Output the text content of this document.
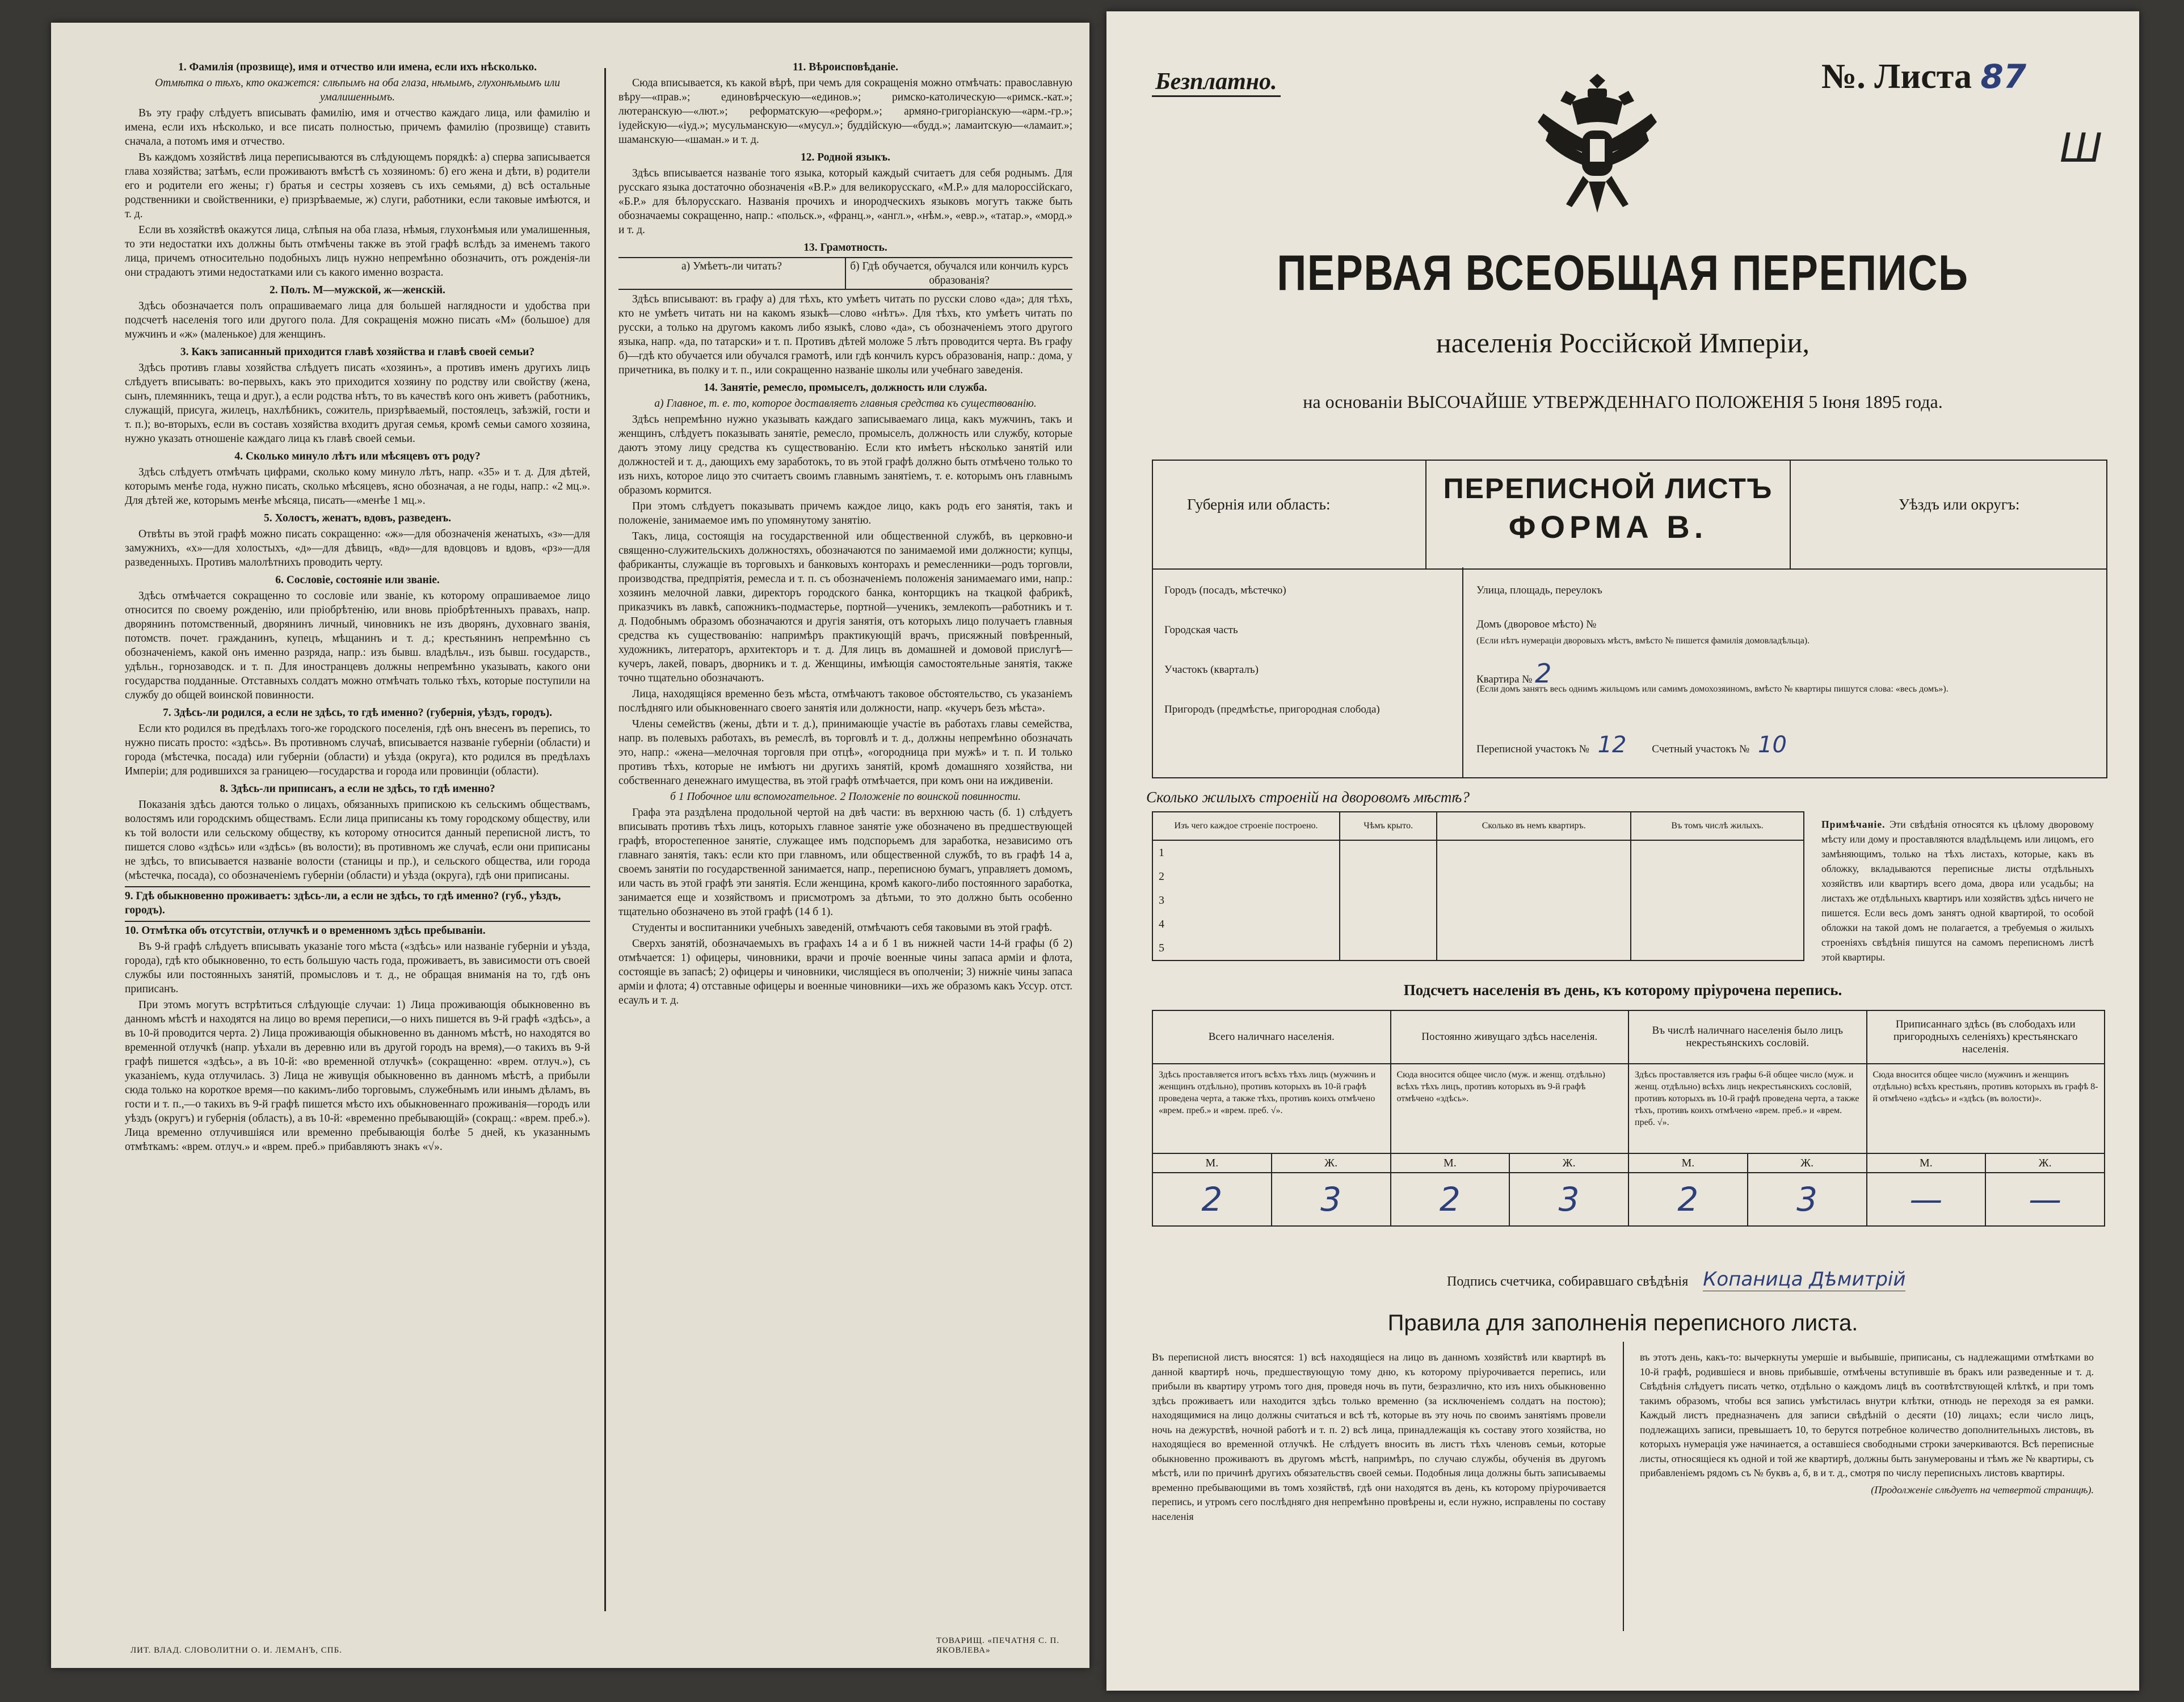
1. Фамилія (прозвище), имя и отчество или имена, если ихъ нѣсколько.

Отмѣтка о тѣхъ, кто окажется: слѣпымъ на оба глаза, нѣмымъ, глухонѣмымъ или умалишеннымъ.

Въ эту графу слѣдуетъ вписывать фамилію, имя и отчество каждаго лица, или фамилію и имена, если ихъ нѣсколько, и все писать полностью, причемъ фамилію (прозвище) ставить сначала, а потомъ имя и отчество.

Въ каждомъ хозяйствѣ лица переписываются въ слѣдующемъ порядкѣ: a) сперва записывается глава хозяйства; затѣмъ, если проживаютъ вмѣстѣ съ хозяиномъ: б) его жена и дѣти, в) родители его и родители его жены; г) братья и сестры хозяевъ съ ихъ семьями, д) всѣ остальные родственники и свойственники, е) призрѣваемые, ж) слуги, работники, если таковые имѣются, и т. д.

Если въ хозяйствѣ окажутся лица, слѣпыя на оба глаза, нѣмыя, глухонѣмыя или умалишенныя, то эти недостатки ихъ должны быть отмѣчены также въ этой графѣ вслѣдъ за именемъ такого лица, причемъ относительно подобныхъ лицъ нужно непремѣнно обозначить, отъ рожденія-ли они страдаютъ этими недостатками или съ какого именно возраста.

2. Полъ. М—мужской, ж—женскій.

Здѣсь обозначается полъ опрашиваемаго лица для большей наглядности и удобства при подсчетѣ населенія того или другого пола. Для сокращенія можно писать «М» (большое) для мужчинъ и «ж» (маленькое) для женщинъ.

3. Какъ записанный приходится главѣ хозяйства и главѣ своей семьи?

Здѣсь противъ главы хозяйства слѣдуетъ писать «хозяинъ», а противъ именъ другихъ лицъ слѣдуетъ вписывать: во-первыхъ, какъ это приходится хозяину по родству или свойству (жена, сынъ, племянникъ, теща и друг.), а если родства нѣтъ, то въ качествѣ кого онъ живетъ (работникъ, служащій, присуга, жилецъ, нахлѣбникъ, сожитель, призрѣваемый, постоялецъ, заѣзжій, гости и т. п.); во-вторыхъ, если въ составъ хозяйства входитъ другая семья, кромѣ семьи самого хозяина, нужно указать отношеніе каждаго лица къ главѣ своей семьи.

4. Сколько минуло лѣтъ или мѣсяцевъ отъ роду?

Здѣсь слѣдуетъ отмѣчать цифрами, сколько кому минуло лѣтъ, напр. «35» и т. д. Для дѣтей, которымъ менѣе года, нужно писать, сколько мѣсяцевъ, ясно обозначая, а не годы, напр.: «2 мц.». Для дѣтей же, которымъ менѣе мѣсяца, писать—«менѣе 1 мц.».

5. Холостъ, женатъ, вдовъ, разведенъ.

Отвѣты въ этой графѣ можно писать сокращенно: «ж»—для обозначенія женатыхъ, «з»—для замужнихъ, «х»—для холостыхъ, «д»—для дѣвицъ, «вд»—для вдовцовъ и вдовъ, «рз»—для разведенныхъ. Противъ малолѣтнихъ проводить черту.

6. Сословіе, состояніе или званіе.

Здѣсь отмѣчается сокращенно то сословіе или званіе, къ которому опрашиваемое лицо относится по своему рожденію, или пріобрѣтенію, или вновь пріобрѣтенныхъ правахъ, напр. дворянинъ потомственный, дворянинъ личный, чиновникъ не изъ дворянъ, духовнаго званія, потомств. почет. гражданинъ, купецъ, мѣщанинъ и т. д.; крестьянинъ непремѣнно съ обозначеніемъ, какой онъ именно разряда, напр.: изъ бывш. владѣльч., изъ бывш. государств., удѣльн., горнозаводск. и т. п. Для иностранцевъ должны непремѣнно указывать, какого они государства подданные. Отставныхъ солдатъ можно отмѣчать только тѣхъ, которые поступили на службу до общей воинской повинности.

7. Здѣсь-ли родился, а если не здѣсь, то гдѣ именно? (губернія, уѣздъ, городъ).

Если кто родился въ предѣлахъ того-же городского поселенія, гдѣ онъ внесенъ въ перепись, то нужно писать просто: «здѣсь». Въ противномъ случаѣ, вписывается названіе губерніи (области) и города (мѣстечка, посада) или губерніи (области) и уѣзда (округа), кто родился въ предѣлахъ Имперіи; для родившихся за границею—государства и города или провинціи (области).

8. Здѣсь-ли приписанъ, а если не здѣсь, то гдѣ именно?

Показанія здѣсь даются только о лицахъ, обязанныхъ припискою къ сельскимъ обществамъ, волостямъ или городскимъ обществамъ. Если лица приписаны къ тому городскому обществу, или къ той волости или сельскому обществу, къ которому относится данный переписной листъ, то пишется слово «здѣсь» или «здѣсь» (въ волости); въ противномъ же случаѣ, если они приписаны не здѣсь, то вписывается названіе волости (станицы и пр.), и сельского общества, или города (мѣстечка, посада), со обозначеніемъ губерніи (области) и уѣзда (округа), гдѣ они приписаны.

9. Гдѣ обыкновенно проживаетъ: здѣсь-ли, а если не здѣсь, то гдѣ именно? (губ., уѣздъ, городъ).

10. Отмѣтка объ отсутствіи, отлучкѣ и о временномъ здѣсь пребываніи.

Въ 9-й графѣ слѣдуетъ вписывать указаніе того мѣста («здѣсь» или названіе губерніи и уѣзда, города), гдѣ кто обыкновенно, то есть большую часть года, проживаетъ, въ зависимости отъ своей службы или постоянныхъ занятій, промысловъ и т. д., не обращая вниманія на то, гдѣ онъ приписанъ.

При этомъ могутъ встрѣтиться слѣдующіе случаи: 1) Лица проживающія обыкновенно въ данномъ мѣстѣ и находятся на лицо во время переписи,—о нихъ пишется въ 9-й графѣ «здѣсь», а въ 10-й проводится черта. 2) Лица проживающія обыкновенно въ данномъ мѣстѣ, но находятся во временной отлучкѣ (напр. уѣхали въ деревню или въ другой городъ на время),—о такихъ въ 9-й графѣ пишется «здѣсь», а въ 10-й: «во временной отлучкѣ» (сокращенно: «врем. отлуч.»), съ указаніемъ, куда отлучилась. 3) Лица не живущія обыкновенно въ данномъ мѣстѣ, а прибыли сюда только на короткое время—по какимъ-либо торговымъ, служебнымъ или инымъ дѣламъ, въ гости и т. п.,—о такихъ въ 9-й графѣ пишется мѣсто ихъ обыкновеннаго проживанія—городъ или уѣздъ (округъ) и губернія (область), а въ 10-й: «временно пребывающій» (сокращ.: «врем. преб.»). Лица временно отлучившіяся или временно пребывающія болѣе 5 дней, къ указаннымъ отмѣткамъ: «врем. отлуч.» и «врем. преб.» прибавляютъ знакъ «√».

11. Вѣроисповѣданіе.

Сюда вписывается, къ какой вѣрѣ, при чемъ для сокращенія можно отмѣчать: православную вѣру—«прав.»; единовѣрческую—«единов.»; римско-католическую—«римск.-кат.»; лютеранскую—«лют.»; реформатскую—«реформ.»; армяно-григоріанскую—«арм.-гр.»; іудейскую—«іуд.»; мусульманскую—«мусул.»; буддійскую—«будд.»; ламаитскую—«ламаит.»; шаманскую—«шаман.» и т. д.

12. Родной языкъ.

Здѣсь вписывается названіе того языка, который каждый считаетъ для себя роднымъ. Для русскаго языка достаточно обозначенія «В.Р.» для великорусскаго, «М.Р.» для малороссійскаго, «Б.Р.» для бѣлорусскаго. Названія прочихъ и инородческихъ языковъ могутъ также быть обозначаемы сокращенно, напр.: «польск.», «франц.», «англ.», «нѣм.», «евр.», «татар.», «морд.» и т. д.

13. Грамотность.

а) Умѣетъ-ли читать?	б) Гдѣ обучается, обучался или кончилъ курсъ образованія?

Здѣсь вписывают: въ графу а) для тѣхъ, кто умѣетъ читать по русски слово «да»; для тѣхъ, кто не умѣетъ читать ни на какомъ языкѣ—слово «нѣтъ». Для тѣхъ, кто умѣетъ читать по русски, а только на другомъ какомъ либо языкѣ, слово «да», съ обозначеніемъ этого другого языка, напр. «да, по татарски» и т. п. Противъ дѣтей моложе 5 лѣтъ проводится черта. Въ графу б)—гдѣ кто обучается или обучался грамотѣ, или гдѣ кончилъ курсъ образованія, напр.: дома, у причетника, въ полку и т. п., или сокращенно названіе школы или учебнаго заведенія.

14. Занятіе, ремесло, промыселъ, должность или служба.

а) Главное, т. е. то, которое доставляетъ главныя средства къ существованію.

Здѣсь непремѣнно нужно указывать каждаго записываемаго лица, какъ мужчинъ, такъ и женщинъ, слѣдуетъ показывать занятіе, ремесло, промыселъ, должность или службу, которые даютъ этому лицу средства къ существованію. Если кто имѣетъ нѣсколько занятій или должностей и т. д., дающихъ ему заработокъ, то въ этой графѣ должно быть отмѣчено только то изъ нихъ, которое лицо это считаетъ своимъ главнымъ занятіемъ, т. е. которымъ онъ главнымъ образомъ кормится.

При этомъ слѣдуетъ показывать причемъ каждое лицо, какъ родъ его занятія, такъ и положеніе, занимаемое имъ по упомянутому занятію.

Такъ, лица, состоящія на государственной или общественной службѣ, въ церковно-и священно-служительскихъ должностяхъ, обозначаются по занимаемой ими должности; купцы, фабриканты, служащіе въ торговыхъ и банковыхъ конторахъ и ремесленники—родъ торговли, производства, предпріятія, ремесла и т. п. съ обозначеніемъ положенія занимаемаго ими, напр.: хозяинъ мелочной лавки, директоръ городского банка, конторщикъ на ткацкой фабрикѣ, приказчикъ въ лавкѣ, сапожникъ-подмастерье, портной—ученикъ, землекопъ—работникъ и т. д. Подобнымъ образомъ обозначаются и другія занятія, отъ которыхъ лицо получаетъ главныя средства къ существованію: напримѣръ практикующій врачъ, присяжный повѣренный, художникъ, литераторъ, архитекторъ и т. д. Для лицъ въ домашней и домовой прислугѣ—кучеръ, лакей, поваръ, дворникъ и т. д. Женщины, имѣющія самостоятельные занятія, также точно тщательно обозначаютъ.

Лица, находящіяся временно безъ мѣста, отмѣчаютъ таковое обстоятельство, съ указаніемъ послѣдняго или обыкновеннаго своего занятія или должности, напр. «кучеръ безъ мѣста».

Члены семействъ (жены, дѣти и т. д.), принимающіе участіе въ работахъ главы семейства, напр. въ полевыхъ работахъ, въ ремеслѣ, въ торговлѣ и т. д., должны непремѣнно обозначать это, напр.: «жена—мелочная торговля при отцѣ», «огородница при мужѣ» и т. п. И только противъ тѣхъ, которые не имѣютъ ни другихъ занятій, кромѣ домашняго хозяйства, ни собственнаго денежнаго имущества, въ этой графѣ отмѣчается, при комъ они на иждивеніи.

б 1 Побочное или вспомогательное. 2 Положеніе по воинской повинности.

Графа эта раздѣлена продольной чертой на двѣ части: въ верхнюю часть (б. 1) слѣдуетъ вписывать противъ тѣхъ лицъ, которыхъ главное занятіе уже обозначено въ предшествующей графѣ, второстепенное занятіе, служащее имъ подспорьемъ для заработка, независимо отъ главнаго занятія, такъ: если кто при главномъ, или общественной службѣ, то въ графѣ 14 а, своемъ занятіи по государственной занимается, напр., переписною бумагъ, управляетъ домомъ, или часть въ этой графѣ эти занятія. Если женщина, кромѣ какого-либо постоянного заработка, занимается еще и хозяйствомъ и присмотромъ за дѣтьми, то это должно быть особенно тщательно обозначено въ этой графѣ (14 б 1).

Студенты и воспитанники учебныхъ заведеній, отмѣчаютъ себя таковыми въ этой графѣ.

Сверхъ занятій, обозначаемыхъ въ графахъ 14 а и б 1 въ нижней части 14-й графы (б 2) отмѣчается: 1) офицеры, чиновники, врачи и прочіе военные чины запаса арміи и флота, состоящіе въ запасѣ; 2) офицеры и чиновники, числящіеся въ ополченіи; 3) нижніе чины запаса арміи и флота; 4) отставные офицеры и военные чиновники—ихъ же образомъ какъ Уссур. отст. есаулъ и т. д.

ЛИТ. ВЛАД. СЛОВОЛИТНИ О. И. ЛЕМАНЪ, СПБ.
ТОВАРИЩ. «ПЕЧАТНЯ С. П. ЯКОВЛЕВА»
Безплатно.	№. Листа 87
Ш
ПЕРВАЯ ВСЕОБЩАЯ ПЕРЕПИСЬ
населенія Россійской Имперіи,
на основаніи ВЫСОЧАЙШЕ УТВЕРЖДЕННАГО ПОЛОЖЕНІЯ 5 Іюня 1895 года.
Губернія или область:	ПЕРЕПИСНОЙ ЛИСТЪ
ФОРМА В.
Уѣздъ или округъ:
Городъ (посадъ, мѣстечко)
Городская часть
Участокъ (кварталъ)
Пригородъ (предмѣстье, пригородная слобода)
Улица, площадь, переулокъ
Домъ (дворовое мѣсто) №
(Если нѣтъ нумераціи дворовыхъ мѣстъ, вмѣсто № пишется фамилія домовладѣльца).
Квартира № 2
(Если домъ занятъ весь однимъ жильцомъ или самимъ домохозяиномъ, вмѣсто № квартиры пишутся слова: «весь домъ»).
Переписной участокъ № 12 Счетный участокъ № 10
Сколько жилыхъ строеній на дворовомъ мѣстѣ?
Изъ чего каждое строеніе построено.	Чѣмъ крыто.	Сколько въ немъ квартиръ.	Въ томъ числѣ жилыхъ.
1			
2			
3			
4			
5			
Примѣчаніе. Эти свѣдѣнія относятся къ цѣлому дворовому мѣсту или дому и проставляются владѣльцемъ или лицомъ, его замѣняющимъ, только на тѣхъ листахъ, которые, какъ въ обложку, вкладываются переписные листы отдѣльныхъ хозяйствъ или квартиръ всего дома, двора или усадьбы; на листахъ же отдѣльныхъ квартиръ или хозяйствъ здѣсь ничего не пишется. Если весь домъ занятъ одной квартирой, то особой обложки на такой домъ не полагается, а требуемыя о жилыхъ строеніяхъ свѣдѣнія пишутся на самомъ переписномъ листѣ этой квартиры.
Подсчетъ населенія въ день, къ которому пріурочена перепись.
Всего наличнаго населенія.		Постоянно живущаго здѣсь населенія.		Въ числѣ наличнаго населенія было лицъ некрестьянскихъ сословій.		Приписаннаго здѣсь (въ слободахъ или пригородныхъ селеніяхъ) крестьянскаго населенія.	
Здѣсь проставляется итогъ всѣхъ тѣхъ лицъ (мужчинъ и женщинъ отдѣльно), противъ которыхъ въ 10-й графѣ проведена черта, а также тѣхъ, противъ коихъ отмѣчено «врем. преб.» и «врем. преб. √».		Сюда вносится общее число (муж. и женщ. отдѣльно) всѣхъ тѣхъ лицъ, противъ которыхъ въ 9-й графѣ отмѣчено «здѣсь».		Здѣсь проставляется изъ графы 6-й общее число (муж. и женщ. отдѣльно) всѣхъ лицъ некрестьянскихъ сословій, противъ которыхъ въ 10-й графѣ проведена черта, а также тѣхъ, противъ коихъ отмѣчено «врем. преб.» и «врем. преб. √».		Сюда вносится общее число (мужчинъ и женщинъ отдѣльно) всѣхъ крестьянъ, противъ которыхъ въ графѣ 8-й отмѣчено «здѣсь» и «здѣсь (въ волости)».	
М.	Ж.	М.	Ж.	М.	Ж.	М.	Ж.
2	3	2	3	2	3	—	—
Подпись счетчика, собиравшаго свѣдѣнія Копаница Дѣмитрій
Правила для заполненія переписного листа.
Въ переписной листъ вносятся: 1) всѣ находящіеся на лицо въ данномъ хозяйствѣ или квартирѣ въ данной квартирѣ ночь, предшествующую тому дню, къ которому пріурочивается перепись, или прибыли въ квартиру утромъ того дня, проведя ночь въ пути, безразлично, кто изъ нихъ обыкновенно здѣсь проживаетъ или находится здѣсь только временно (за исключеніемъ солдатъ на постою); находящимися на лицо должны считаться и всѣ тѣ, которые въ эту ночь по своимъ занятіямъ провели ночь на дежурствѣ, ночной работѣ и т. п. 2) всѣ лица, принадлежащія къ составу этого хозяйства, но находящіеся во временной отлучкѣ. Не слѣдуетъ вносить въ листъ тѣхъ членовъ семьи, которые обыкновенно проживаютъ въ другомъ мѣстѣ, напримѣръ, по случаю службы, обученія въ другомъ мѣстѣ, или по причинѣ другихъ обязательствъ своей семьи. Подобныя лица должны быть записываемы временно пребывающими въ томъ хозяйствѣ, гдѣ они находятся въ день, къ которому пріурочивается перепись, и утромъ сего послѣдняго дня непремѣнно провѣрены и, если нужно, исправлены по составу населенія
въ этотъ день, какъ-то: вычеркнуты умершіе и выбывшіе, приписаны, съ надлежащими отмѣтками во 10-й графѣ, родившіеся и вновь прибывшіе, отмѣчены вступившіе въ бракъ или разведенные и т. д. Свѣдѣнія слѣдуетъ писать четко, отдѣльно о каждомъ лицѣ въ соотвѣтствующей клѣткѣ, и при томъ такимъ образомъ, чтобы вся запись умѣстилась внутри клѣтки, отнюдь не переходя за ея рамки. Каждый листъ предназначенъ для записи свѣдѣній о десяти (10) лицахъ; если число лицъ, подлежащихъ записи, превышаетъ 10, то берутся потребное количество дополнительныхъ листовъ, въ которыхъ нумерація уже начинается, а оставшіеся свободными строки зачеркиваются. Всѣ переписные листы, относящіеся къ одной и той же квартирѣ, должны быть занумерованы и тѣмъ же № квартиры, съ прибавленіемъ рядомъ съ № буквъ а, б, в и т. д., смотря по числу переписныхъ листовъ квартиры.
(Продолженіе слѣдуетъ на четвертой страницѣ).
